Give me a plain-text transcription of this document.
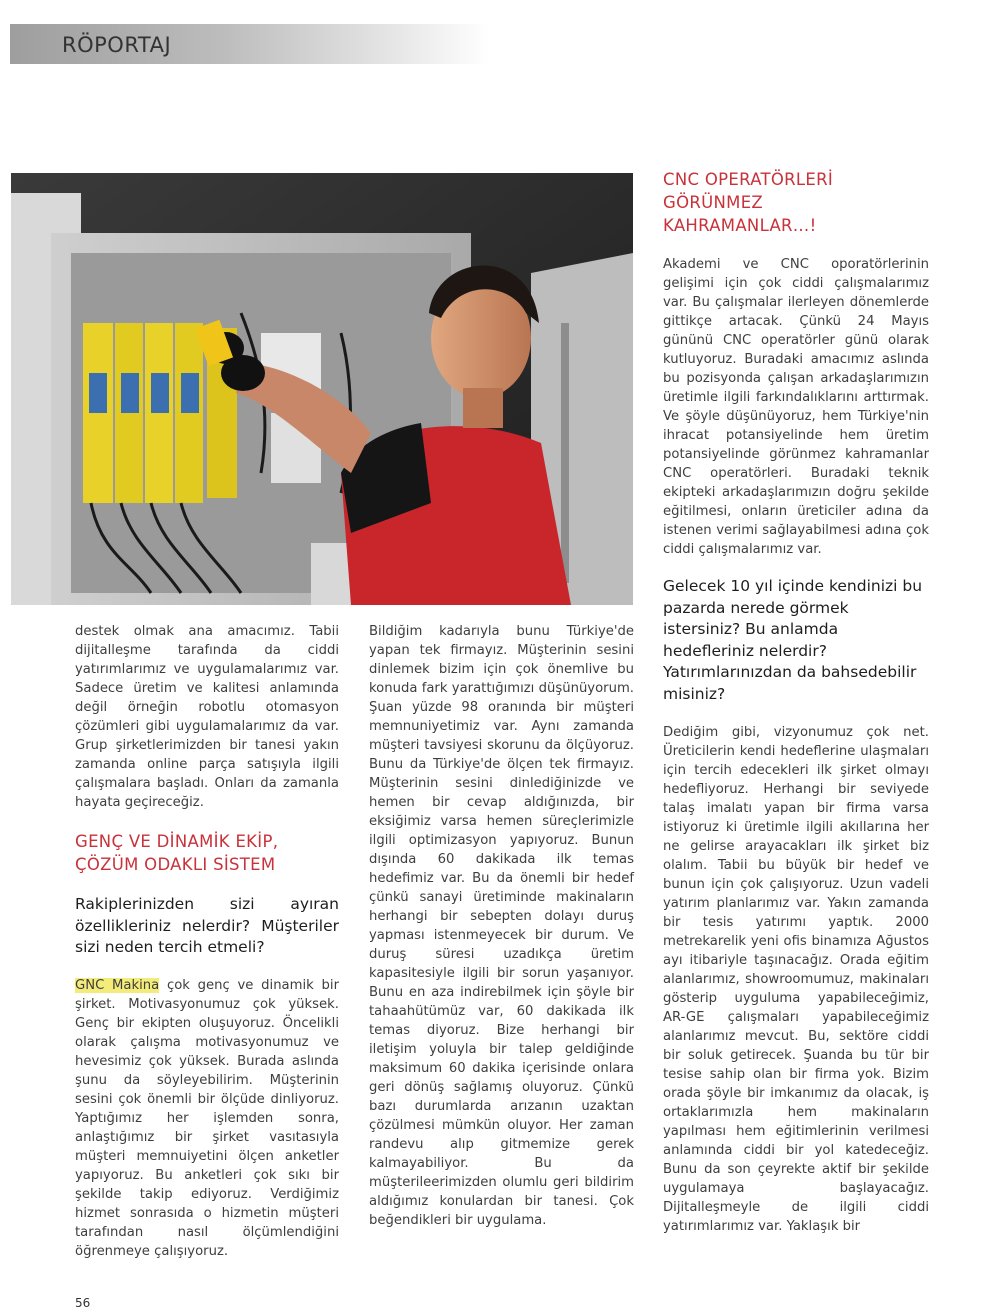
RÖPORTAJ

destek olmak ana amacımız. Tabii dijitalleşme tarafında da ciddi yatırımlarımız ve uygulamalarımız var. Sadece üretim ve kalitesi anlamında değil örneğin robotlu otomasyon çözümleri gibi uygulamalarımız da var. Grup şirketlerimizden bir tanesi yakın zamanda online parça satışıyla ilgili çalışmalara başladı. Onları da zamanla hayata geçireceğiz.

GENÇ VE DİNAMİK EKİP,

ÇÖZÜM ODAKLI SİSTEM

Rakiplerinizden sizi ayıran özellikleriniz nelerdir? Müşteriler sizi neden tercih etmeli?

GNC Makina çok genç ve dinamik bir şirket. Motivasyonumuz çok yüksek. Genç bir ekipten oluşuyoruz. Öncelikli olarak çalışma motivasyonumuz ve hevesimiz çok yüksek. Burada aslında şunu da söyleyebilirim. Müşterinin sesini çok önemli bir ölçüde dinliyoruz. Yaptığımız her işlemden sonra, anlaştığımız bir şirket vasıtasıyla müşteri memnuiyetini ölçen anketler yapıyoruz. Bu anketleri çok sıkı bir şekilde takip ediyoruz. Verdiğimiz hizmet sonrasıda o hizmetin müşteri tarafından nasıl ölçümlendiğini öğrenmeye çalışıyoruz.

Bildiğim kadarıyla bunu Türkiye'de yapan tek firmayız. Müşterinin sesini dinlemek bizim için çok önemlive bu konuda fark yarattığımızı düşünüyorum. Şuan yüzde 98 oranında bir müşteri memnuniyetimiz var. Aynı zamanda müşteri tavsiyesi skorunu da ölçüyoruz. Bunu da Türkiye'de ölçen tek firmayız. Müşterinin sesini dinlediğinizde ve hemen bir cevap aldığınızda, bir eksiğimiz varsa hemen süreçlerimizle ilgili optimizasyon yapıyoruz. Bunun dışında 60 dakikada ilk temas hedefimiz var. Bu da önemli bir hedef çünkü sanayi üretiminde makinaların herhangi bir sebepten dolayı duruş yapması istenmeyecek bir durum. Ve duruş süresi uzadıkça üretim kapasitesiyle ilgili bir sorun yaşanıyor. Bunu en aza indirebilmek için şöyle bir tahaahütümüz var, 60 dakikada ilk temas diyoruz. Bize herhangi bir iletişim yoluyla bir talep geldiğinde maksimum 60 dakika içerisinde onlara geri dönüş sağlamış oluyoruz. Çünkü bazı durumlarda arızanın uzaktan çözülmesi mümkün oluyor. Her zaman randevu alıp gitmemize gerek kalmayabiliyor. Bu da müşterileerimizden olumlu geri bildirim aldığımız konulardan bir tanesi. Çok beğendikleri bir uygulama.

CNC OPERATÖRLERİ

GÖRÜNMEZ

KAHRAMANLAR…!

Akademi ve CNC oporatörlerinin gelişimi için çok ciddi çalışmalarımız var. Bu çalışmalar ilerleyen dönemlerde gittikçe artacak. Çünkü 24 Mayıs gününü CNC operatörler günü olarak kutluyoruz. Buradaki amacımız aslında bu pozisyonda çalışan arkadaşlarımızın üretimle ilgili farkındalıklarını arttırmak. Ve şöyle düşünüyoruz, hem Türkiye'nin ihracat potansiyelinde hem üretim potansiyelinde görünmez kahramanlar CNC operatörleri. Buradaki teknik ekipteki arkadaşlarımızın doğru şekilde eğitilmesi, onların üreticiler adına da istenen verimi sağlayabilmesi adına çok ciddi çalışmalarımız var.

Gelecek 10 yıl içinde kendinizi bu pazarda nerede görmek istersiniz? Bu anlamda hedefleriniz nelerdir? Yatırımlarınızdan da bahsedebilir misiniz?

Dediğim gibi, vizyonumuz çok net. Üreticilerin kendi hedeflerine ulaşmaları için tercih edecekleri ilk şirket olmayı hedefliyoruz. Herhangi bir seviyede talaş imalatı yapan bir firma varsa istiyoruz ki üretimle ilgili akıllarına her ne gelirse arayacakları ilk şirket biz olalım. Tabii bu büyük bir hedef ve bunun için çok çalışıyoruz. Uzun vadeli yatırım planlarımız var. Yakın zamanda bir tesis yatırımı yaptık. 2000 metrekarelik yeni ofis binamıza Ağustos ayı itibariyle taşınacağız. Orada eğitim alanlarımız, showroomumuz, makinaları gösterip uyguluma yapabileceğimiz, AR-GE çalışmaları yapabileceğimiz alanlarımız mevcut. Bu, sektöre ciddi bir soluk getirecek. Şuanda bu tür bir tesise sahip olan bir firma yok. Bizim orada şöyle bir imkanımız da olacak, iş ortaklarımızla hem makinaların yapılması hem eğitimlerinin verilmesi anlamında ciddi bir yol katedeceğiz. Bunu da son çeyrekte aktif bir şekilde uygulamaya başlayacağız. Dijitalleşmeyle de ilgili ciddi yatırımlarımız var. Yaklaşık bir

56
